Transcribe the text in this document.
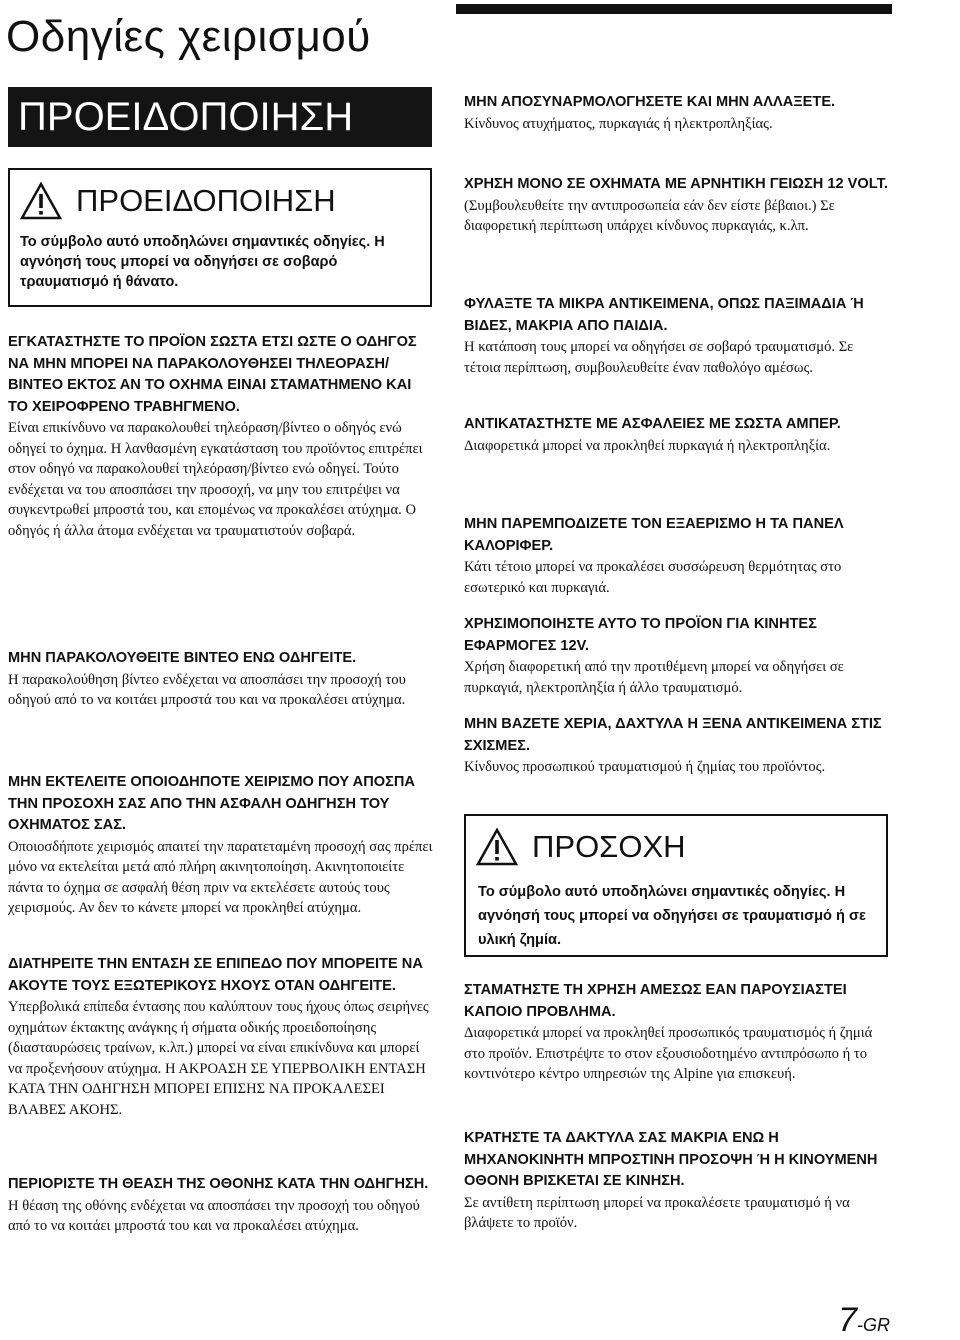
Οδηγίες χειρισμού
ΠΡΟΕΙΔΟΠΟΙΗΣΗ
ΠΡΟΕΙΔΟΠΟΙΗΣΗ
Το σύμβολο αυτό υποδηλώνει σημαντικές οδηγίες. Η αγνόησή τους μπορεί να οδηγήσει σε σοβαρό τραυματισμό ή θάνατο.
ΕΓΚΑΤΑΣΤΗΣΤΕ ΤΟ ΠΡΟΪΟΝ ΣΩΣΤΑ ΕΤΣΙ ΩΣΤΕ Ο ΟΔΗΓΟΣ ΝΑ ΜΗΝ ΜΠΟΡΕΙ ΝΑ ΠΑΡΑΚΟΛΟΥΘΗΣΕΙ ΤΗΛΕΟΡΑΣΗ/ΒΙΝΤΕΟ ΕΚΤΟΣ ΑΝ ΤΟ ΟΧΗΜΑ ΕΙΝΑΙ ΣΤΑΜΑΤΗΜΕΝΟ ΚΑΙ ΤΟ ΧΕΙΡΟΦΡΕΝΟ ΤΡΑΒΗΓΜΕΝΟ.
Είναι επικίνδυνο να παρακολουθεί τηλεόραση/βίντεο ο οδηγός ενώ οδηγεί το όχημα. Η λανθασμένη εγκατάσταση του προϊόντος επιτρέπει στον οδηγό να παρακολουθεί τηλεόραση/βίντεο ενώ οδηγεί. Τούτο ενδέχεται να του αποσπάσει την προσοχή, να μην του επιτρέψει να συγκεντρωθεί μπροστά του, και επομένως να προκαλέσει ατύχημα. Ο οδηγός ή άλλα άτομα ενδέχεται να τραυματιστούν σοβαρά.
ΜΗΝ ΠΑΡΑΚΟΛΟΥΘΕΙΤΕ ΒΙΝΤΕΟ ΕΝΩ ΟΔΗΓΕΙΤΕ.
Η παρακολούθηση βίντεο ενδέχεται να αποσπάσει την προσοχή του οδηγού από το να κοιτάει μπροστά του και να προκαλέσει ατύχημα.
ΜΗΝ ΕΚΤΕΛΕΙΤΕ ΟΠΟΙΟΔΗΠΟΤΕ ΧΕΙΡΙΣΜΟ ΠΟΥ ΑΠΟΣΠΑ ΤΗΝ ΠΡΟΣΟΧΗ ΣΑΣ ΑΠΟ ΤΗΝ ΑΣΦΑΛΗ ΟΔΗΓΗΣΗ ΤΟΥ ΟΧΗΜΑΤΟΣ ΣΑΣ.
Οποιοσδήποτε χειρισμός απαιτεί την παρατεταμένη προσοχή σας πρέπει μόνο να εκτελείται μετά από πλήρη ακινητοποίηση. Ακινητοποιείτε πάντα το όχημα σε ασφαλή θέση πριν να εκτελέσετε αυτούς τους χειρισμούς. Αν δεν το κάνετε μπορεί να προκληθεί ατύχημα.
ΔΙΑΤΗΡΕΙΤΕ ΤΗΝ ΕΝΤΑΣΗ ΣΕ ΕΠΙΠΕΔΟ ΠΟΥ ΜΠΟΡΕΙΤΕ ΝΑ ΑΚΟΥΤΕ ΤΟΥΣ ΕΞΩΤΕΡΙΚΟΥΣ ΗΧΟΥΣ ΟΤΑΝ ΟΔΗΓΕΙΤΕ.
Υπερβολικά επίπεδα έντασης που καλύπτουν τους ήχους όπως σειρήνες οχημάτων έκτακτης ανάγκης ή σήματα οδικής προειδοποίησης (διασταυρώσεις τραίνων, κ.λπ.) μπορεί να είναι επικίνδυνα και μπορεί να προξενήσουν ατύχημα. Η ΑΚΡΟΑΣΗ ΣΕ ΥΠΕΡΒΟΛΙΚΗ ΕΝΤΑΣΗ ΚΑΤΑ ΤΗΝ ΟΔΗΓΗΣΗ ΜΠΟΡΕΙ ΕΠΙΣΗΣ ΝΑ ΠΡΟΚΑΛΕΣΕΙ ΒΛΑΒΕΣ ΑΚΟΗΣ.
ΠΕΡΙΟΡΙΣΤΕ ΤΗ ΘΕΑΣΗ ΤΗΣ ΟΘΟΝΗΣ ΚΑΤΑ ΤΗΝ ΟΔΗΓΗΣΗ.
Η θέαση της οθόνης ενδέχεται να αποσπάσει την προσοχή του οδηγού από το να κοιτάει μπροστά του και να προκαλέσει ατύχημα.
ΜΗΝ ΑΠΟΣΥΝΑΡΜΟΛΟΓΗΣΕΤΕ ΚΑΙ ΜΗΝ ΑΛΛΑΞΕΤΕ.
Κίνδυνος ατυχήματος, πυρκαγιάς ή ηλεκτροπληξίας.
ΧΡΗΣΗ ΜΟΝΟ ΣΕ ΟΧΗΜΑΤΑ ΜΕ ΑΡΝΗΤΙΚΗ ΓΕΙΩΣΗ 12 VOLT.
(Συμβουλευθείτε την αντιπροσωπεία εάν δεν είστε βέβαιοι.) Σε διαφορετική περίπτωση υπάρχει κίνδυνος πυρκαγιάς, κ.λπ.
ΦΥΛΑΞΤΕ ΤΑ ΜΙΚΡΑ ΑΝΤΙΚΕΙΜΕΝΑ, ΟΠΩΣ ΠΑΞΙΜΑΔΙΑ Ή ΒΙΔΕΣ, ΜΑΚΡΙΑ ΑΠΟ ΠΑΙΔΙΑ.
Η κατάποση τους μπορεί να οδηγήσει σε σοβαρό τραυματισμό. Σε τέτοια περίπτωση, συμβουλευθείτε έναν παθολόγο αμέσως.
ΑΝΤΙΚΑΤΑΣΤΗΣΤΕ ΜΕ ΑΣΦΑΛΕΙΕΣ ΜΕ ΣΩΣΤΑ ΑΜΠΕΡ.
Διαφορετικά μπορεί να προκληθεί πυρκαγιά ή ηλεκτροπληξία.
ΜΗΝ ΠΑΡΕΜΠΟΔΙΖΕΤΕ ΤΟΝ ΕΞΑΕΡΙΣΜΟ Η ΤΑ ΠΑΝΕΛ ΚΑΛΟΡΙΦΕΡ.
Κάτι τέτοιο μπορεί να προκαλέσει συσσώρευση θερμότητας στο εσωτερικό και πυρκαγιά.
ΧΡΗΣΙΜΟΠΟΙΗΣΤΕ ΑΥΤΟ ΤΟ ΠΡΟΪΟΝ ΓΙΑ ΚΙΝΗΤΕΣ ΕΦΑΡΜΟΓΕΣ 12V.
Χρήση διαφορετική από την προτιθέμενη μπορεί να οδηγήσει σε πυρκαγιά, ηλεκτροπληξία ή άλλο τραυματισμό.
ΜΗΝ ΒΑΖΕΤΕ ΧΕΡΙΑ, ΔΑΧΤΥΛΑ Η ΞΕΝΑ ΑΝΤΙΚΕΙΜΕΝΑ ΣΤΙΣ ΣΧΙΣΜΕΣ.
Κίνδυνος προσωπικού τραυματισμού ή ζημίας του προϊόντος.
ΠΡΟΣΟΧΗ
Το σύμβολο αυτό υποδηλώνει σημαντικές οδηγίες. Η αγνόησή τους μπορεί να οδηγήσει σε τραυματισμό ή σε υλική ζημία.
ΣΤΑΜΑΤΗΣΤΕ ΤΗ ΧΡΗΣΗ ΑΜΕΣΩΣ ΕΑΝ ΠΑΡΟΥΣΙΑΣΤΕΙ ΚΑΠΟΙΟ ΠΡΟΒΛΗΜΑ.
Διαφορετικά μπορεί να προκληθεί προσωπικός τραυματισμός ή ζημιά στο προϊόν. Επιστρέψτε το στον εξουσιοδοτημένο αντιπρόσωπο ή το κοντινότερο κέντρο υπηρεσιών της Alpine για επισκευή.
ΚΡΑΤΗΣΤΕ ΤΑ ΔΑΚΤΥΛΑ ΣΑΣ ΜΑΚΡΙΑ ΕΝΩ Η ΜΗΧΑΝΟΚΙΝΗΤΗ ΜΠΡΟΣΤΙΝΗ ΠΡΟΣΟΨΗ Ή Η ΚΙΝΟΥΜΕΝΗ ΟΘΟΝΗ ΒΡΙΣΚΕΤΑΙ ΣΕ ΚΙΝΗΣΗ.
Σε αντίθετη περίπτωση μπορεί να προκαλέσετε τραυματισμό ή να βλάψετε το προϊόν.
7-GR
